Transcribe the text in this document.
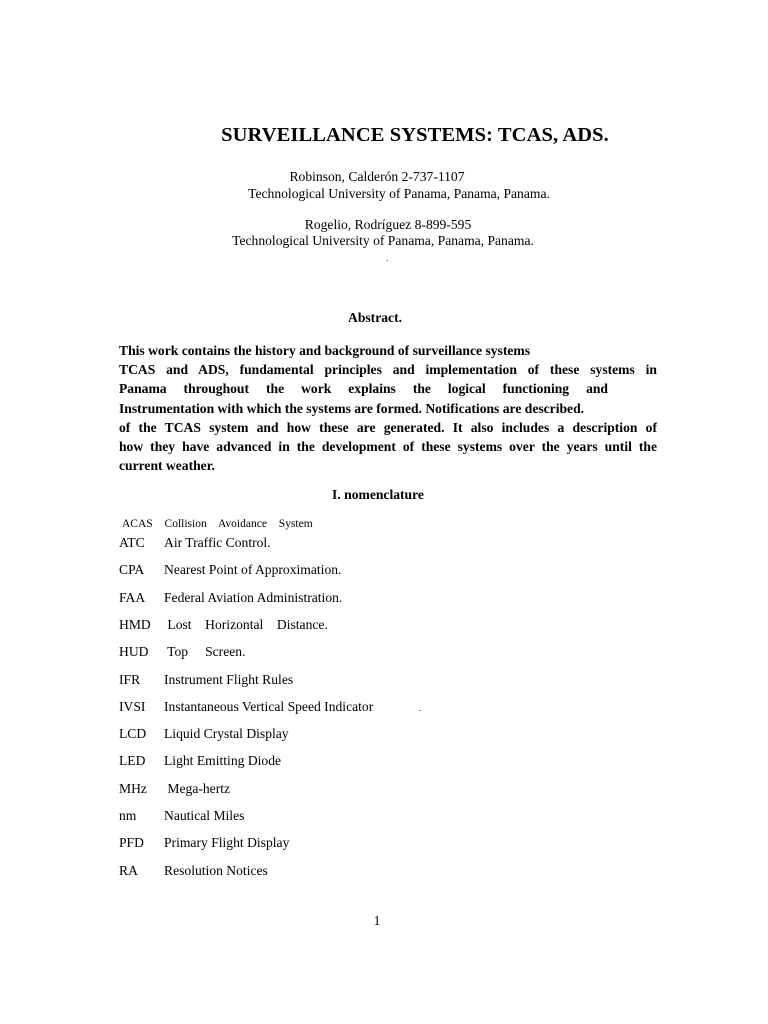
SURVEILLANCE SYSTEMS: TCAS, ADS.
Robinson, Calderón 2-737-1107
Technological University of Panama, Panama, Panama.
Rogelio, Rodríguez 8-899-595
Technological University of Panama, Panama, Panama.
.
Abstract.
This work contains the history and background of surveillance systems
TCAS and ADS, fundamental principles and implementation of these systems in
Panama throughout the work explains the logical functioning and
Instrumentation with which the systems are formed. Notifications are described.
of the TCAS system and how these are generated. It also includes a description of
how they have advanced in the development of these systems over the years until the
current weather.
I. nomenclature
ACAS Collision Avoidance System
ATC Air Traffic Control.
CPA Nearest Point of Approximation.
FAA Federal Aviation Administration.
HMD Lost    Horizontal    Distance.
HUD Top     Screen.
IFR Instrument Flight Rules
IVSI Instantaneous Vertical Speed Indicator
LCD Liquid Crystal Display
LED Light Emitting Diode
MHz Mega-hertz
nm Nautical Miles
PFD Primary Flight Display
RA Resolution Notices
.
1
